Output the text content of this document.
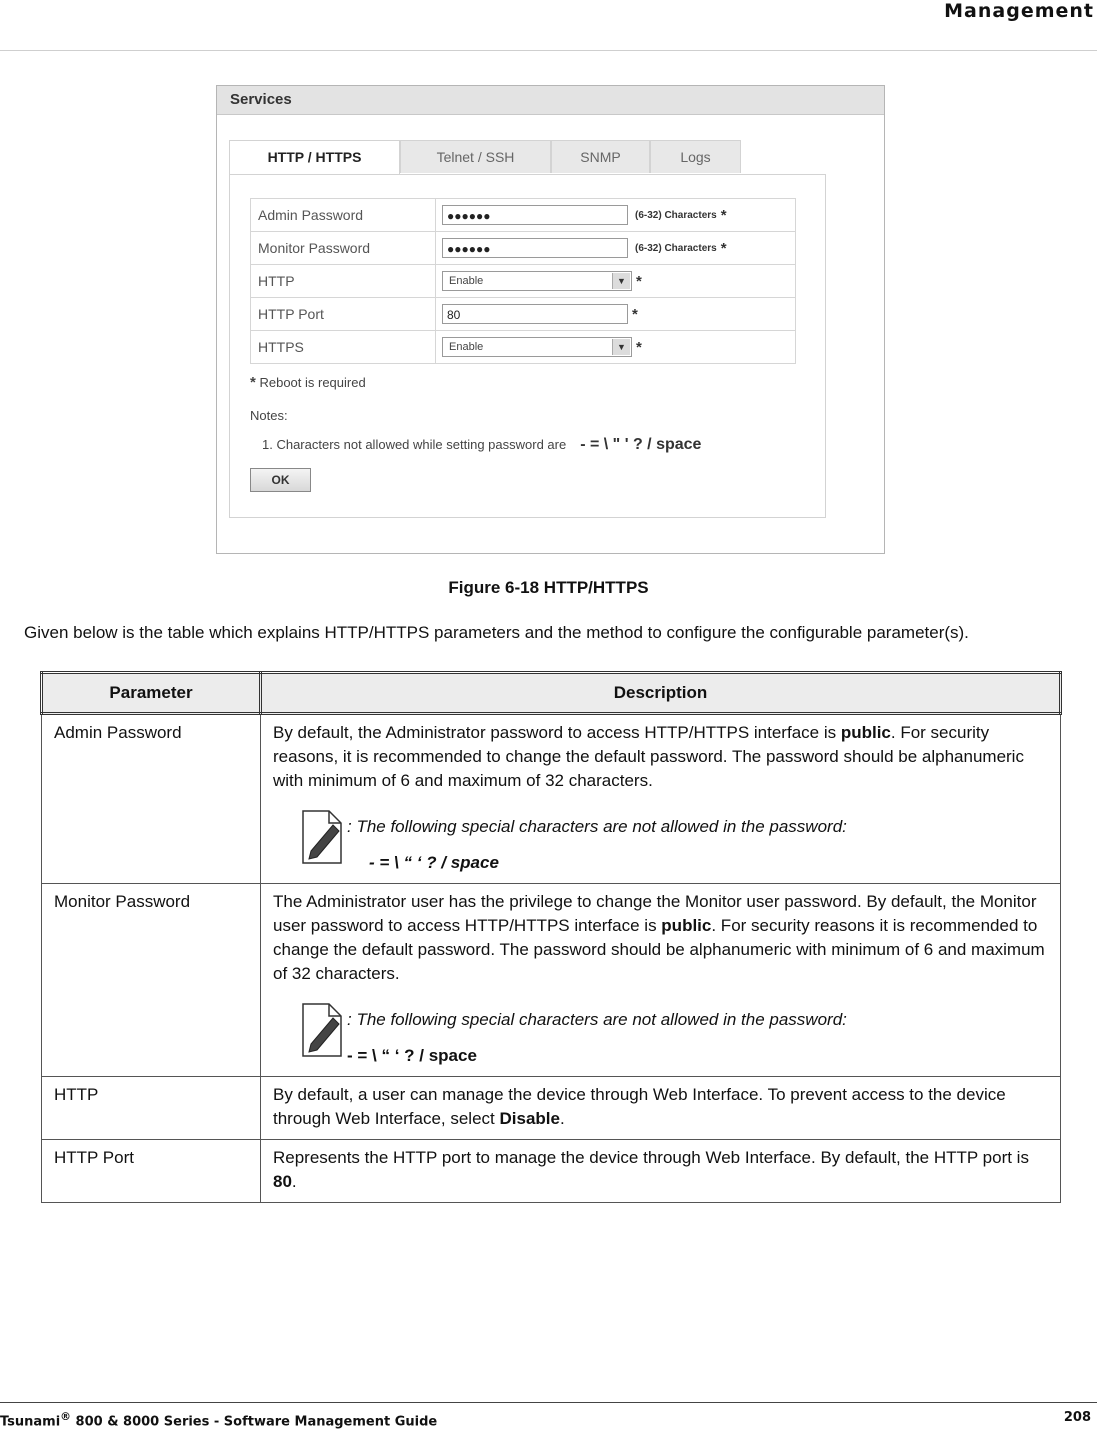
Management
Services
HTTP / HTTPS	Telnet / SSH	SNMP	Logs
Admin Password	●●●●●● (6-32) Characters *
Monitor Password	●●●●●● (6-32) Characters *
HTTP	Enable ▼ *
HTTP Port	80 *
HTTPS	Enable ▼ *
* Reboot is required
Notes:
1. Characters not allowed while setting password are - = \ " ' ? / space
OK
Figure 6-18 HTTP/HTTPS
Given below is the table which explains HTTP/HTTPS parameters and the method to configure the configurable parameter(s).
Parameter	Description
Admin Password	By default, the Administrator password to access HTTP/HTTPS interface is public. For security reasons, it is recommended to change the default password. The password should be alphanumeric with minimum of 6 and maximum of 32 characters.
: The following special characters are not allowed in the password:
- = \ “ ‘ ? / space

Monitor Password	The Administrator user has the privilege to change the Monitor user password. By default, the Monitor user password to access HTTP/HTTPS interface is public. For security reasons it is recommended to change the default password. The password should be alphanumeric with minimum of 6 and maximum of 32 characters.
: The following special characters are not allowed in the password:
- = \ “ ‘ ? / space

HTTP	By default, a user can manage the device through Web Interface. To prevent access to the device through Web Interface, select Disable.
HTTP Port	Represents the HTTP port to manage the device through Web Interface. By default, the HTTP port is 80.
Tsunami® 800 & 8000 Series - Software Management Guide	208
